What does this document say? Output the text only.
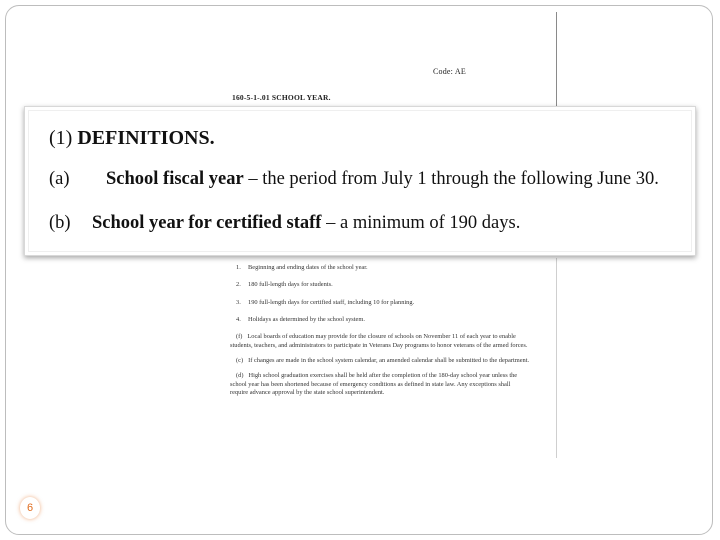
Code: AE
160-5-1-.01 SCHOOL YEAR.
(1) DEFINITIONS.
(a) School fiscal year – the period from July 1 through the following June 30.
(b) School year for certified staff – a minimum of 190 days.
1. Beginning and ending dates of the school year.
2. 180 full-length days for students.
3. 190 full-length days for certified staff, including 10 for planning.
4. Holidays as determined by the school system.

(f) Local boards of education may provide for the closure of schools on November 11 of each year to enable students, teachers, and administrators to participate in Veterans Day programs to honor veterans of the armed forces.

(c) If changes are made in the school system calendar, an amended calendar shall be submitted to the department.

(d) High school graduation exercises shall be held after the completion of the 180-day school year unless the school year has been shortened because of emergency conditions as defined in state law. Any exceptions shall require advance approval by the state school superintendent.

6
